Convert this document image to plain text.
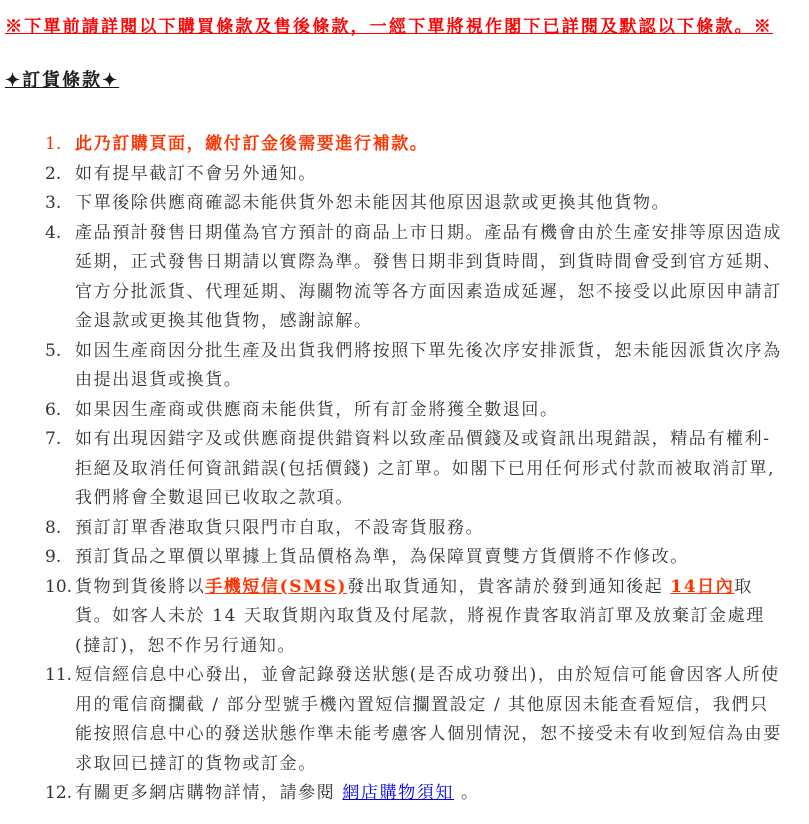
※下單前請詳閱以下購買條款及售後條款，一經下單將視作閣下已詳閱及默認以下條款。※
✦訂貨條款✦
1. 此乃訂購頁面，繳付訂金後需要進行補款。
2. 如有提早截訂不會另外通知。
3. 下單後除供應商確認未能供貨外恕未能因其他原因退款或更換其他貨物。
4. 產品預計發售日期僅為官方預計的商品上市日期。產品有機會由於生產安排等原因造成延期，正式發售日期請以實際為準。發售日期非到貨時間，到貨時間會受到官方延期、官方分批派貨、代理延期、海關物流等各方面因素造成延遲，恕不接受以此原因申請訂金退款或更換其他貨物，感謝諒解。
5. 如因生產商因分批生產及出貨我們將按照下單先後次序安排派貨，恕未能因派貨次序為由提出退貨或換貨。
6. 如果因生產商或供應商未能供貨，所有訂金將獲全數退回。
7. 如有出現因錯字及或供應商提供錯資料以致產品價錢及或資訊出現錯誤，精品有權利-拒絕及取消任何資訊錯誤(包括價錢) 之訂單。如閣下已用任何形式付款而被取消訂單,我們將會全數退回已收取之款項。
8. 預訂訂單香港取貨只限門市自取，不設寄貨服務。
9. 預訂貨品之單價以單據上貨品價格為準，為保障買賣雙方貨價將不作修改。
10. 貨物到貨後將以手機短信(SMS)發出取貨通知，貴客請於發到通知後起 14日內取貨。如客人未於 14 天取貨期內取貨及付尾款，將視作貴客取消訂單及放棄訂金處理(撻訂)，恕不作另行通知。
11. 短信經信息中心發出，並會記錄發送狀態(是否成功發出)，由於短信可能會因客人所使用的電信商攔截 / 部分型號手機內置短信攔置設定 / 其他原因未能查看短信，我們只能按照信息中心的發送狀態作準未能考慮客人個別情況，恕不接受未有收到短信為由要求取回已撻訂的貨物或訂金。
12. 有關更多網店購物詳情，請參閱 網店購物須知 。
